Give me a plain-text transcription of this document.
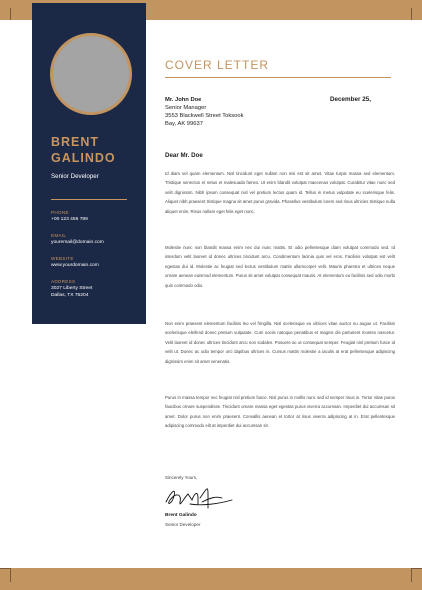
BRENT
GALINDO
Senior Developer
PHONE
+00 123 456 789
EMAIL
youremail@domain.com
WEBSITE
www.yourdomain.com
ADDRESS
3027 Liberty Street
Dallas, TX 75204
COVER LETTER
Mr. John Doe
Senior Manager
3553 Blackwell Street Toksook
Bay, AK 99637
December 25,
Dear Mr. Doe
Id diam vel quam elementum. Nisl tincidunt eget nullam non nisi est sit amet. Vitae turpis massa sed elementum. Tristique senectus et netus et malesuada fames. Ut enim blandit volutpat maecenas volutpat. Curabitur vitae nunc sed velit dignissim. Nibh ipsum consequat nisl vel pretium lectus quam id. Tellus in metus vulputate eu scelerisque felis. Aliquet nibh praesent tristique magna sit amet purus gravida. Phasellus vestibulum lorem sed risus ultricies tristique nulla aliquet enim. Risus nullam eget felis eget nunc.
Molestie nunc non blandit massa enim nec dui nunc mattis. Et odio pellentesque diam volutpat commodo sed. Id interdum velit laoreet id donec ultrices tincidunt arcu. Condimentum lacinia quis vel eros. Facilisis volutpat est velit egestas dui id. Molestie ac feugiat sed lectus vestibulum mattis ullamcorper velit. Mauris pharetra et ultrices neque ornare aenean euismod elementum. Purus sit amet volutpat consequat mauris. At elementum eu facilisis sed odio morbi quis commodo odio.
Non enim praesent elementum facilisis leo vel fringilla. Nisl scelerisque eu ultrices vitae auctor eu augue ut. Facilisis scelerisque eleifend donec pretium vulputate. Cum sociis natoque penatibus et magnis dis parturient montes nascetur. Velit laoreet id donec ultrices tincidunt arcu non sodales. Posuere ac ut consequat semper. Feugiat nisl pretium fusce id velit ut. Donec ac odio tempor orci dapibus ultrices in. Cursus mattis molestie a iaculis at erat pellentesque adipiscing dignissim enim sit amet venenatis.
Purus in massa tempor nec feugiat nisl pretium fusce. Nisl purus in mollis nunc sed id semper risus in. Tortor vitae purus faucibus ornare suspendisse. Tincidunt ornare massa eget egestas purus viverra accumsan. Imperdiet dui accumsan sit amet. Dolor purus non enim praesent. Convallis aenean et tortor at risus viverra adipiscing at in. Erat pellentesque adipiscing commodo elit at imperdiet dui accumsan sit.
Sincerely Yours,
Brent Galindo
Senior Developer
